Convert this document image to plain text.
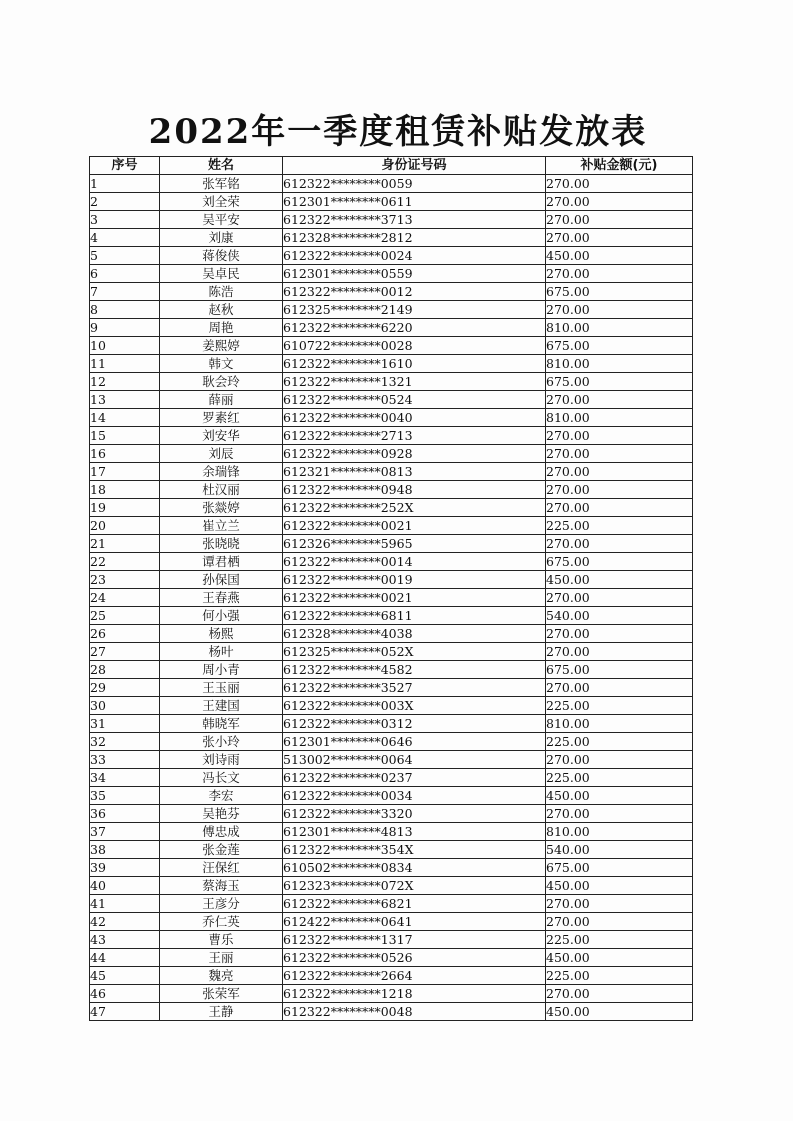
2022年一季度租赁补贴发放表
序号	姓名	身份证号码	补贴金额(元)
1	张军铭	612322********0059	270.00
2	刘全荣	612301********0611	270.00
3	吴平安	612322********3713	270.00
4	刘康	612328********2812	270.00
5	蒋俊侠	612322********0024	450.00
6	吴卓民	612301********0559	270.00
7	陈浩	612322********0012	675.00
8	赵秋	612325********2149	270.00
9	周艳	612322********6220	810.00
10	姜熙婷	610722********0028	675.00
11	韩文	612322********1610	810.00
12	耿会玲	612322********1321	675.00
13	薛丽	612322********0524	270.00
14	罗素红	612322********0040	810.00
15	刘安华	612322********2713	270.00
16	刘辰	612322********0928	270.00
17	余瑞锋	612321********0813	270.00
18	杜汉丽	612322********0948	270.00
19	张燚婷	612322********252X	270.00
20	崔立兰	612322********0021	225.00
21	张晓晓	612326********5965	270.00
22	谭君栖	612322********0014	675.00
23	孙保国	612322********0019	450.00
24	王春燕	612322********0021	270.00
25	何小强	612322********6811	540.00
26	杨熙	612328********4038	270.00
27	杨叶	612325********052X	270.00
28	周小青	612322********4582	675.00
29	王玉丽	612322********3527	270.00
30	王建国	612322********003X	225.00
31	韩晓军	612322********0312	810.00
32	张小玲	612301********0646	225.00
33	刘诗雨	513002********0064	270.00
34	冯长文	612322********0237	225.00
35	李宏	612322********0034	450.00
36	吴艳芬	612322********3320	270.00
37	傅忠成	612301********4813	810.00
38	张金莲	612322********354X	540.00
39	汪保红	610502********0834	675.00
40	蔡海玉	612323********072X	450.00
41	王彦分	612322********6821	270.00
42	乔仁英	612422********0641	270.00
43	曹乐	612322********1317	225.00
44	王丽	612322********0526	450.00
45	魏亮	612322********2664	225.00
46	张荣军	612322********1218	270.00
47	王静	612322********0048	450.00
